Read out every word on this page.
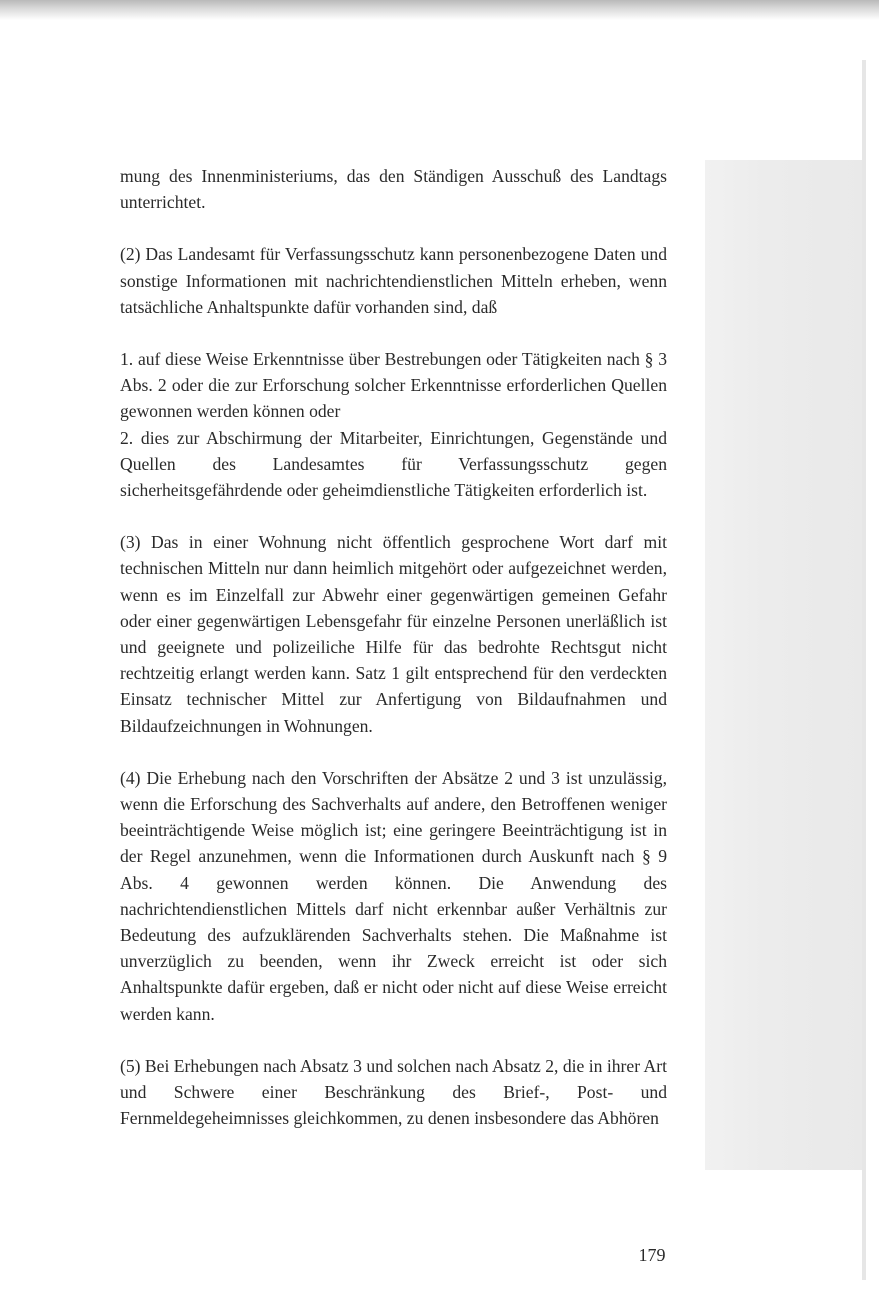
mung des Innenministeriums, das den Ständigen Ausschuß des Landtags unterrichtet.

(2) Das Landesamt für Verfassungsschutz kann personenbezogene Daten und sonstige Informationen mit nachrichtendienstlichen Mitteln erheben, wenn tatsächliche Anhaltspunkte dafür vorhanden sind, daß

1. auf diese Weise Erkenntnisse über Bestrebungen oder Tätigkeiten nach § 3 Abs. 2 oder die zur Erforschung solcher Erkenntnisse erforderlichen Quellen gewonnen werden können oder

2. dies zur Abschirmung der Mitarbeiter, Einrichtungen, Gegenstände und Quellen des Landesamtes für Verfassungsschutz gegen sicherheitsgefährdende oder geheimdienstliche Tätigkeiten erforderlich ist.

(3) Das in einer Wohnung nicht öffentlich gesprochene Wort darf mit technischen Mitteln nur dann heimlich mitgehört oder aufgezeichnet werden, wenn es im Einzelfall zur Abwehr einer gegenwärtigen gemeinen Gefahr oder einer gegenwärtigen Lebensgefahr für einzelne Personen unerläßlich ist und geeignete und polizeiliche Hilfe für das bedrohte Rechtsgut nicht rechtzeitig erlangt werden kann. Satz 1 gilt entsprechend für den verdeckten Einsatz technischer Mittel zur Anfertigung von Bildaufnahmen und Bildaufzeichnungen in Wohnungen.

(4) Die Erhebung nach den Vorschriften der Absätze 2 und 3 ist unzulässig, wenn die Erforschung des Sachverhalts auf andere, den Betroffenen weniger beeinträchtigende Weise möglich ist; eine geringere Beeinträchtigung ist in der Regel anzunehmen, wenn die Informationen durch Auskunft nach § 9 Abs. 4 gewonnen werden können. Die Anwendung des nachrichtendienstlichen Mittels darf nicht erkennbar außer Verhältnis zur Bedeutung des aufzuklärenden Sachverhalts stehen. Die Maßnahme ist unverzüglich zu beenden, wenn ihr Zweck erreicht ist oder sich Anhaltspunkte dafür ergeben, daß er nicht oder nicht auf diese Weise erreicht werden kann.

(5) Bei Erhebungen nach Absatz 3 und solchen nach Absatz 2, die in ihrer Art und Schwere einer Beschränkung des Brief-, Post- und Fernmeldegeheimnisses gleichkommen, zu denen insbesondere das Abhören

179
